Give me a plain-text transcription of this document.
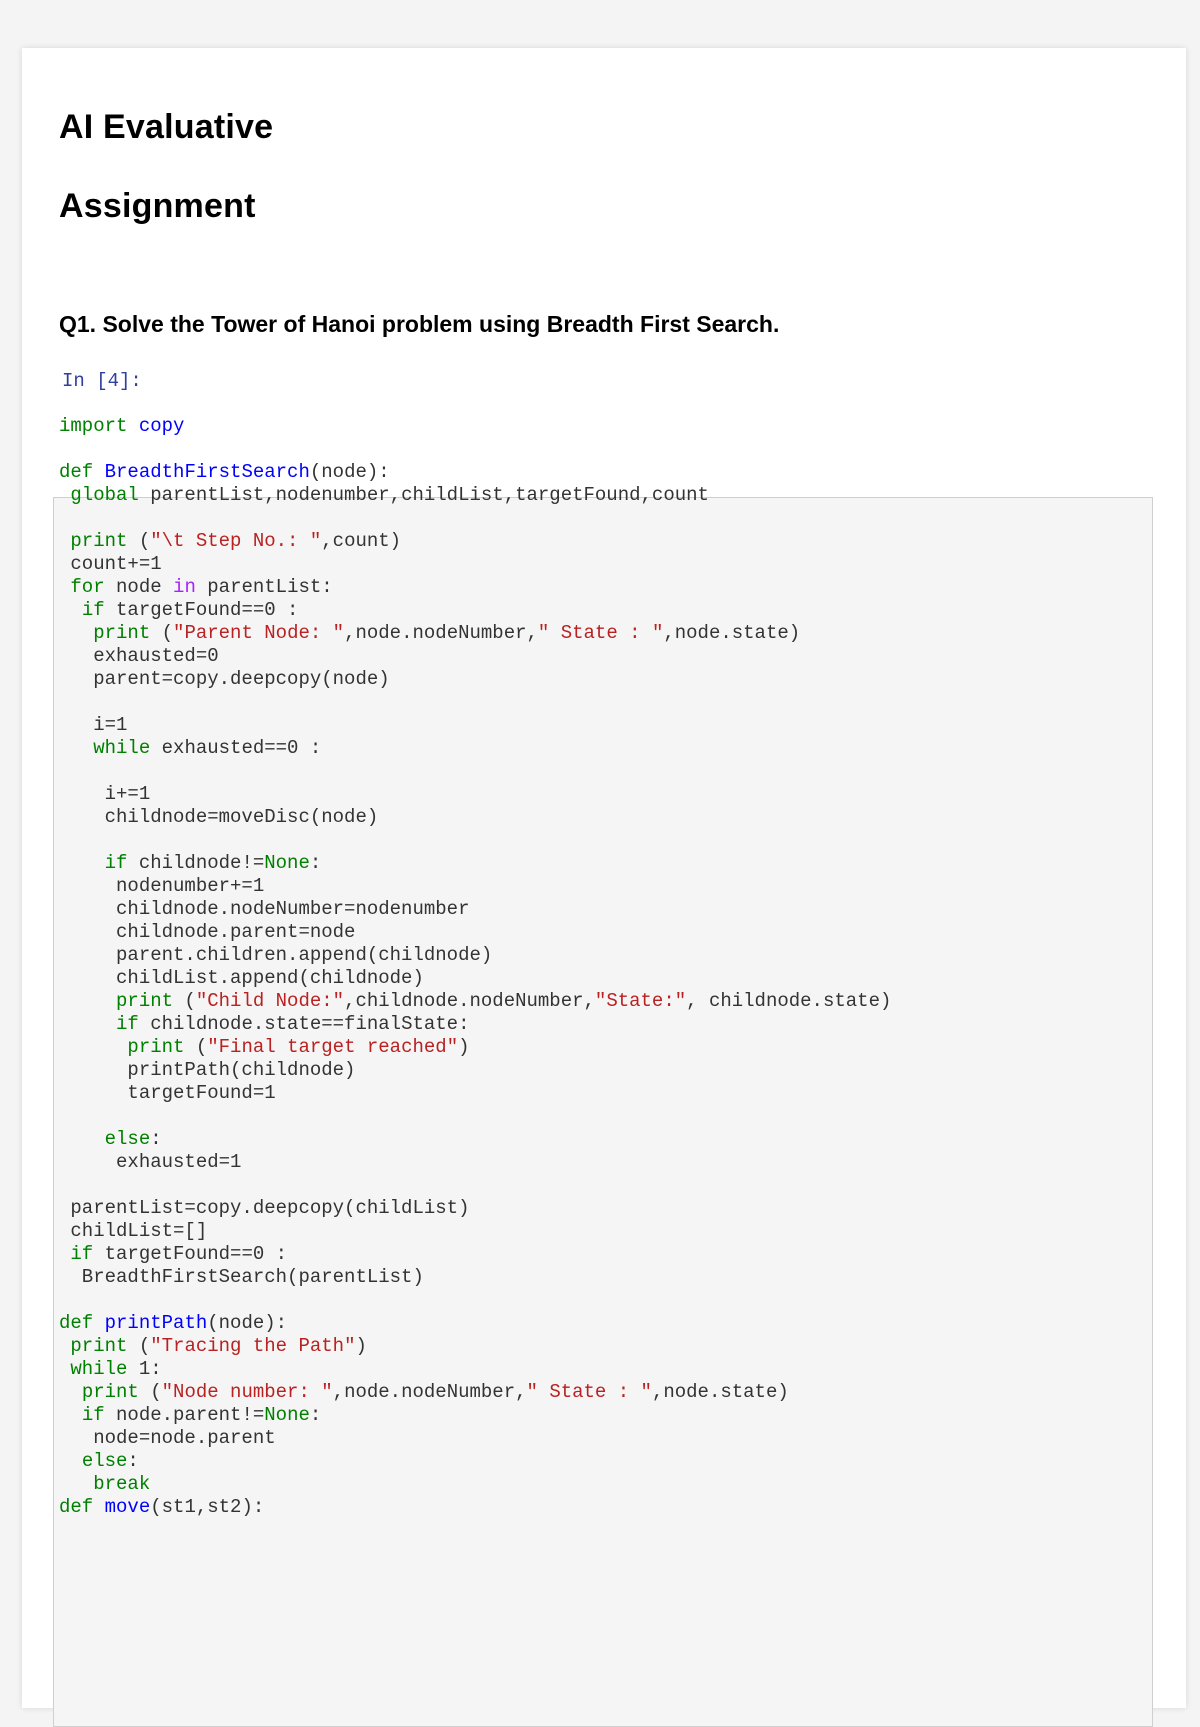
AI Evaluative
Assignment
Q1. Solve the Tower of Hanoi problem using Breadth First Search.
In [4]:
import copy
def BreadthFirstSearch(node):
global parentList,nodenumber,childList,targetFound,count
print ("\t Step No.: ",count)
count+=1
for node in parentList:
if targetFound==0 :
print ("Parent Node: ",node.nodeNumber," State : ",node.state)
exhausted=0
parent=copy.deepcopy(node)
i=1
while exhausted==0 :
i+=1
childnode=moveDisc(node)
if childnode!=None:
nodenumber+=1
childnode.nodeNumber=nodenumber
childnode.parent=node
parent.children.append(childnode)
childList.append(childnode)
print ("Child Node:",childnode.nodeNumber,"State:", childnode.state)
if childnode.state==finalState:
print ("Final target reached")
printPath(childnode)
targetFound=1
else:
exhausted=1
parentList=copy.deepcopy(childList)
childList=[]
if targetFound==0 :
BreadthFirstSearch(parentList)
def printPath(node):
print ("Tracing the Path")
while 1:
print ("Node number: ",node.nodeNumber," State : ",node.state)
if node.parent!=None:
node=node.parent
else:
break
def move(st1,st2):
